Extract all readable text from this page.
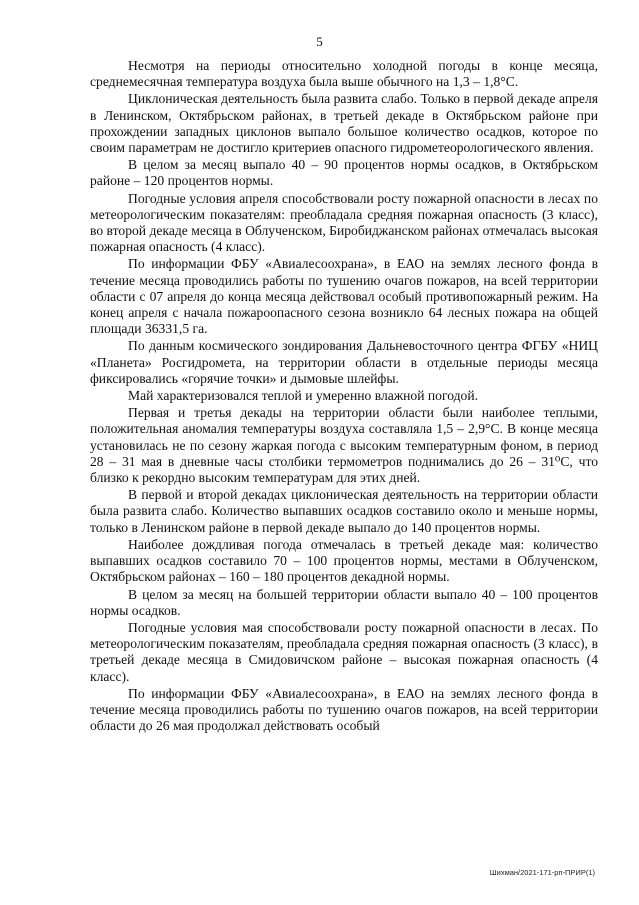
5

Несмотря на периоды относительно холодной погоды в конце месяца, среднемесячная температура воздуха была выше обычного на 1,3 – 1,8°С.

Циклоническая деятельность была развита слабо. Только в первой декаде апреля в Ленинском, Октябрьском районах, в третьей декаде в Октябрьском районе при прохождении западных циклонов выпало большое количество осадков, которое по своим параметрам не достигло критериев опасного гидрометеорологического явления.

В целом за месяц выпало 40 – 90 процентов нормы осадков, в Октябрьском районе – 120 процентов нормы.

Погодные условия апреля способствовали росту пожарной опасности в лесах по метеорологическим показателям: преобладала средняя пожарная опасность (3 класс), во второй декаде месяца в Облученском, Биробиджанском районах отмечалась высокая пожарная опасность (4 класс).

По информации ФБУ «Авиалесоохрана», в ЕАО на землях лесного фонда в течение месяца проводились работы по тушению очагов пожаров, на всей территории области с 07 апреля до конца месяца действовал особый противопожарный режим. На конец апреля с начала пожароопасного сезона возникло 64 лесных пожара на общей площади 36331,5 га.

По данным космического зондирования Дальневосточного центра ФГБУ «НИЦ «Планета» Росгидромета, на территории области в отдельные периоды месяца фиксировались «горячие точки» и дымовые шлейфы.

Май характеризовался теплой и умеренно влажной погодой.

Первая и третья декады на территории области были наиболее теплыми, положительная аномалия температуры воздуха составляла 1,5 – 2,9°С. В конце месяца установилась не по сезону жаркая погода с высоким температурным фоном, в период 28 – 31 мая в дневные часы столбики термометров поднимались до 26 – 31⁰С, что близко к рекордно высоким температурам для этих дней.

В первой и второй декадах циклоническая деятельность на территории области была развита слабо. Количество выпавших осадков составило около и меньше нормы, только в Ленинском районе в первой декаде выпало до 140 процентов нормы.

Наиболее дождливая погода отмечалась в третьей декаде мая: количество выпавших осадков составило 70 – 100 процентов нормы, местами в Облученском, Октябрьском районах – 160 – 180 процентов декадной нормы.

В целом за месяц на большей территории области выпало 40 – 100 процентов нормы осадков.

Погодные условия мая способствовали росту пожарной опасности в лесах. По метеорологическим показателям, преобладала средняя пожарная опасность (3 класс), в третьей декаде месяца в Смидовичском районе – высокая пожарная опасность (4 класс).

По информации ФБУ «Авиалесоохрана», в ЕАО на землях лесного фонда в течение месяца проводились работы по тушению очагов пожаров, на всей территории области до 26 мая продолжал действовать особый

Шихман/2021-171-рп-ПРИР(1)
